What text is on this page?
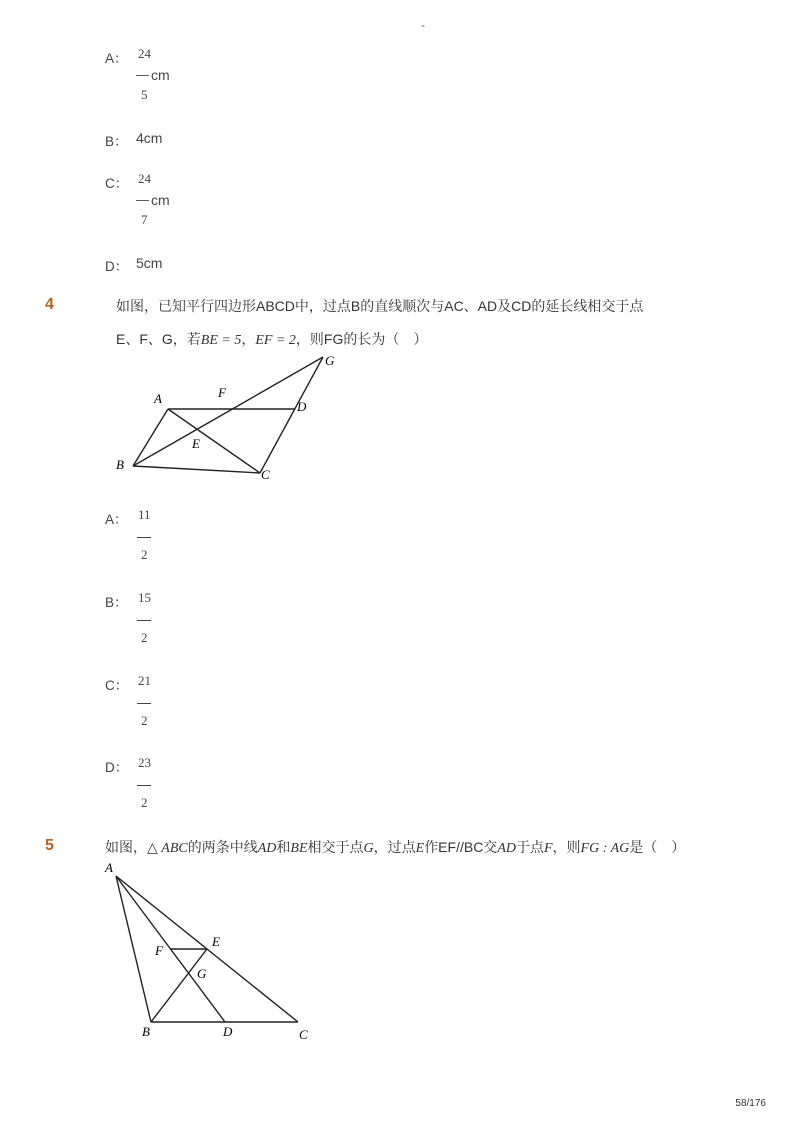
-
A： 24
— cm
5
B： 4cm
C： 24
— cm
7
D： 5cm
4	如图，已知平行四边形ABCD中，过点B的直线顺次与AC、AD及CD的延长线相交于点
E、F、G，若BE = 5，EF = 2，则FG的长为（　）
A
B
C
D
E
F
G
A： 11
2
B： 15
2
C： 21
2
D： 23
2
5	如图，△ ABC的两条中线AD和BE相交于点G，过点E作EF//BC交AD于点F，则FG : AG是（　）
A
B	C
D
E
F
G
58/176
